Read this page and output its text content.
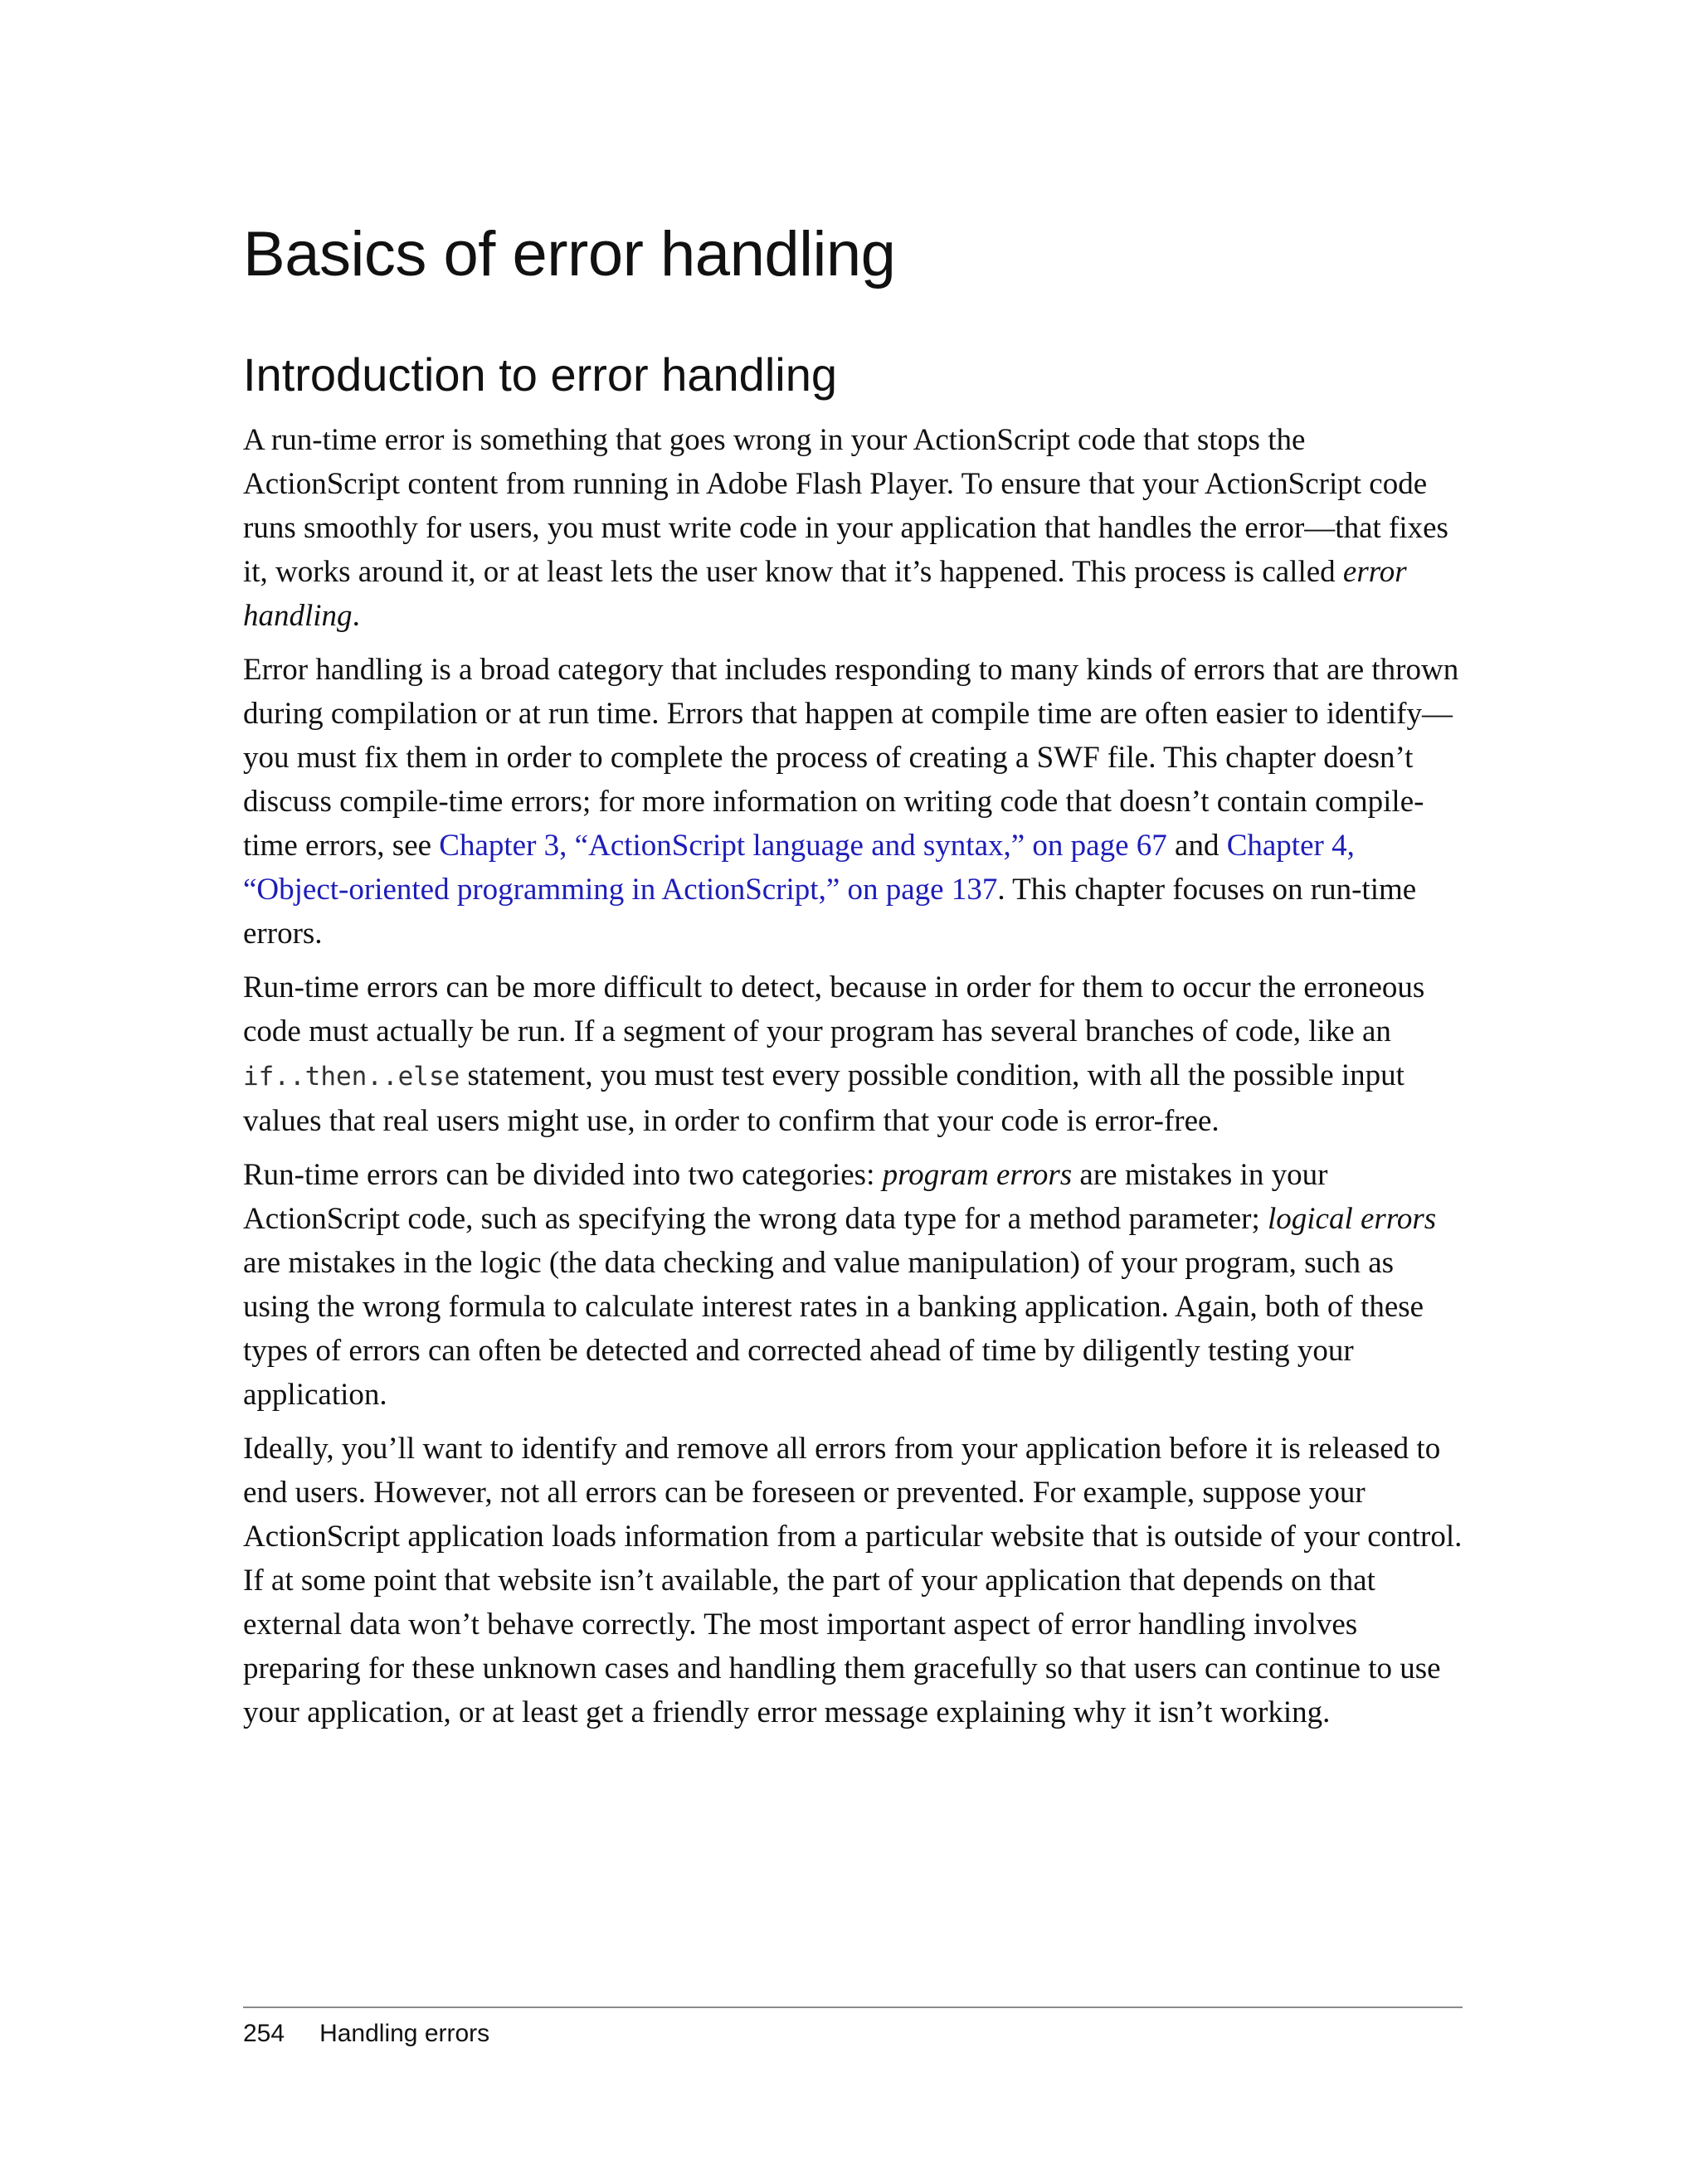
Basics of error handling
Introduction to error handling

A run-time error is something that goes wrong in your ActionScript code that stops the ActionScript content from running in Adobe Flash Player. To ensure that your ActionScript code runs smoothly for users, you must write code in your application that handles the error—that fixes it, works around it, or at least lets the user know that it’s happened. This process is called error handling.

Error handling is a broad category that includes responding to many kinds of errors that are thrown during compilation or at run time. Errors that happen at compile time are often easier to identify—you must fix them in order to complete the process of creating a SWF file. This chapter doesn’t discuss compile-time errors; for more information on writing code that doesn’t contain compile-time errors, see Chapter 3, “ActionScript language and syntax,” on page 67 and Chapter 4, “Object-oriented programming in ActionScript,” on page 137. This chapter focuses on run-time errors.

Run-time errors can be more difficult to detect, because in order for them to occur the erroneous code must actually be run. If a segment of your program has several branches of code, like an if..then..else statement, you must test every possible condition, with all the possible input values that real users might use, in order to confirm that your code is error-free.

Run-time errors can be divided into two categories: program errors are mistakes in your ActionScript code, such as specifying the wrong data type for a method parameter; logical errors are mistakes in the logic (the data checking and value manipulation) of your program, such as using the wrong formula to calculate interest rates in a banking application. Again, both of these types of errors can often be detected and corrected ahead of time by diligently testing your application.

Ideally, you’ll want to identify and remove all errors from your application before it is released to end users. However, not all errors can be foreseen or prevented. For example, suppose your ActionScript application loads information from a particular website that is outside of your control. If at some point that website isn’t available, the part of your application that depends on that external data won’t behave correctly. The most important aspect of error handling involves preparing for these unknown cases and handling them gracefully so that users can continue to use your application, or at least get a friendly error message explaining why it isn’t working.

254 Handling errors
